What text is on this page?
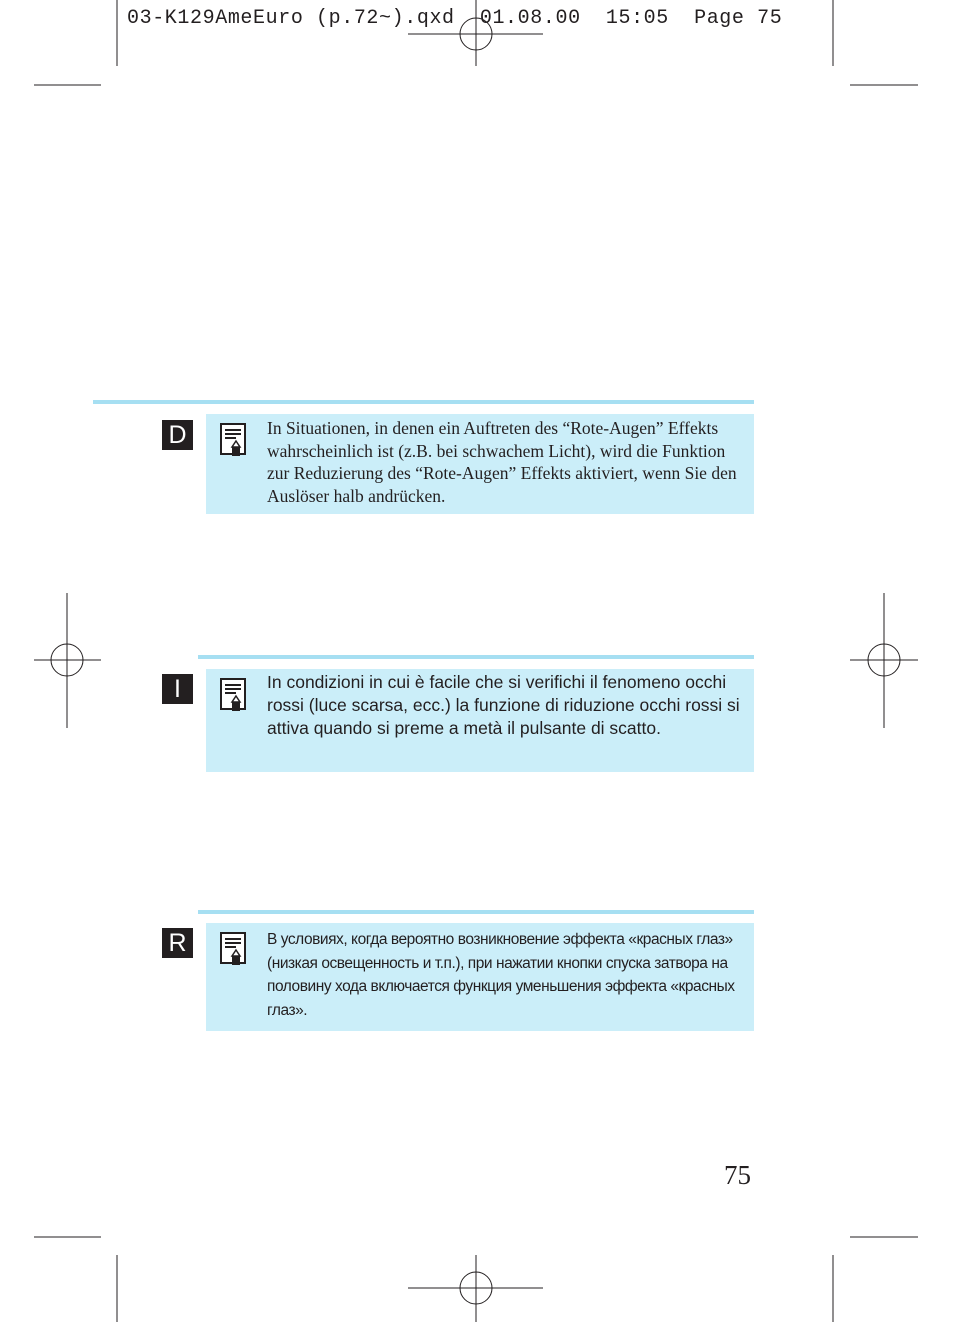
03-K129AmeEuro (p.72~).qxd  01.08.00  15:05  Page 75
D	In Situationen, in denen ein Auftreten des “Rote-Augen” Effekts wahrscheinlich ist (z.B. bei schwachem Licht), wird die Funktion zur Reduzierung des “Rote-Augen” Effekts aktiviert, wenn Sie den Auslöser halb andrücken.

I	In condizioni in cui è facile che si verifichi il fenomeno occhi rossi (luce scarsa, ecc.) la funzione di riduzione occhi rossi si attiva quando si preme a metà il pulsante di scatto.

R	В условиях, когда вероятно возникновение эффекта «красных глаз» (низкая освещенность и т.п.), при нажатии кнопки спуска затвора на половину хода включается функция уменьшения эффекта «красных глаз».

75
